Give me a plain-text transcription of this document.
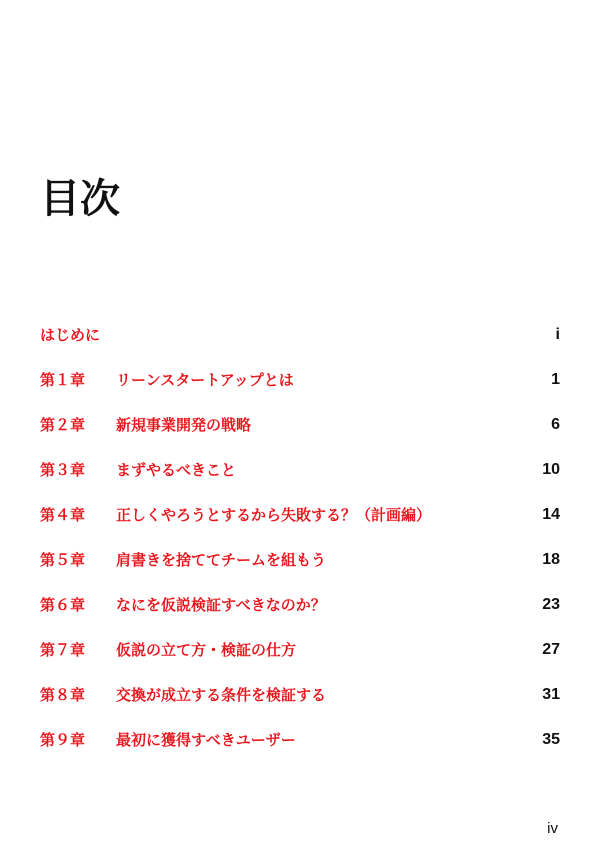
目次
はじめに	i
第１章 リーンスタートアップとは	1
第２章 新規事業開発の戦略	6
第３章 まずやるべきこと	10
第４章 正しくやろうとするから失敗する？（計画編）	14
第５章 肩書きを捨ててチームを組もう	18
第６章 なにを仮説検証すべきなのか？	23
第７章 仮説の立て方・検証の仕方	27
第８章 交換が成立する条件を検証する	31
第９章 最初に獲得すべきユーザー	35
iv
